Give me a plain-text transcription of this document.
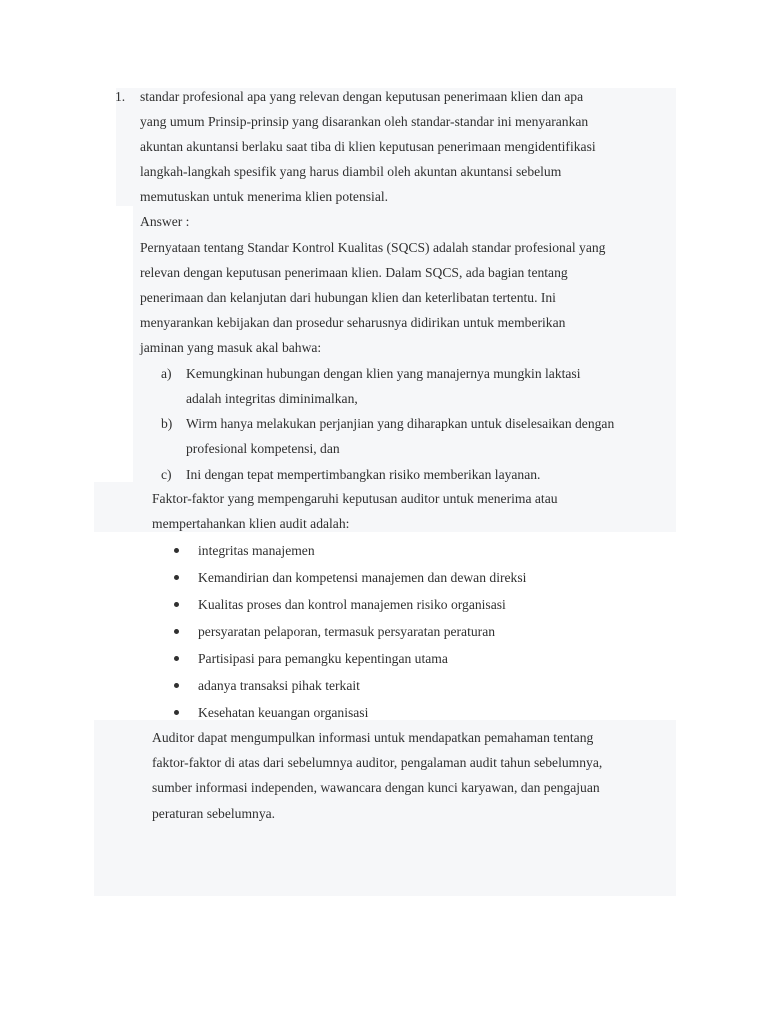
1. standar profesional apa yang relevan dengan keputusan penerimaan klien dan apa
yang umum Prinsip-prinsip yang disarankan oleh standar-standar ini menyarankan
akuntan akuntansi berlaku saat tiba di klien keputusan penerimaan mengidentifikasi
langkah-langkah spesifik yang harus diambil oleh akuntan akuntansi sebelum
memutuskan untuk menerima klien potensial.
Answer :
Pernyataan tentang Standar Kontrol Kualitas (SQCS) adalah standar profesional yang
relevan dengan keputusan penerimaan klien. Dalam SQCS, ada bagian tentang
penerimaan dan kelanjutan dari hubungan klien dan keterlibatan tertentu. Ini
menyarankan kebijakan dan prosedur seharusnya didirikan untuk memberikan
jaminan yang masuk akal bahwa:
a) Kemungkinan hubungan dengan klien yang manajernya mungkin laktasi
adalah integritas diminimalkan,
b) Wirm hanya melakukan perjanjian yang diharapkan untuk diselesaikan dengan
profesional kompetensi, dan
c) Ini dengan tepat mempertimbangkan risiko memberikan layanan.
Faktor-faktor yang mempengaruhi keputusan auditor untuk menerima atau
mempertahankan klien audit adalah:
integritas manajemen
Kemandirian dan kompetensi manajemen dan dewan direksi
Kualitas proses dan kontrol manajemen risiko organisasi
persyaratan pelaporan, termasuk persyaratan peraturan
Partisipasi para pemangku kepentingan utama
adanya transaksi pihak terkait
Kesehatan keuangan organisasi
Auditor dapat mengumpulkan informasi untuk mendapatkan pemahaman tentang
faktor-faktor di atas dari sebelumnya auditor, pengalaman audit tahun sebelumnya,
sumber informasi independen, wawancara dengan kunci karyawan, dan pengajuan
peraturan sebelumnya.
